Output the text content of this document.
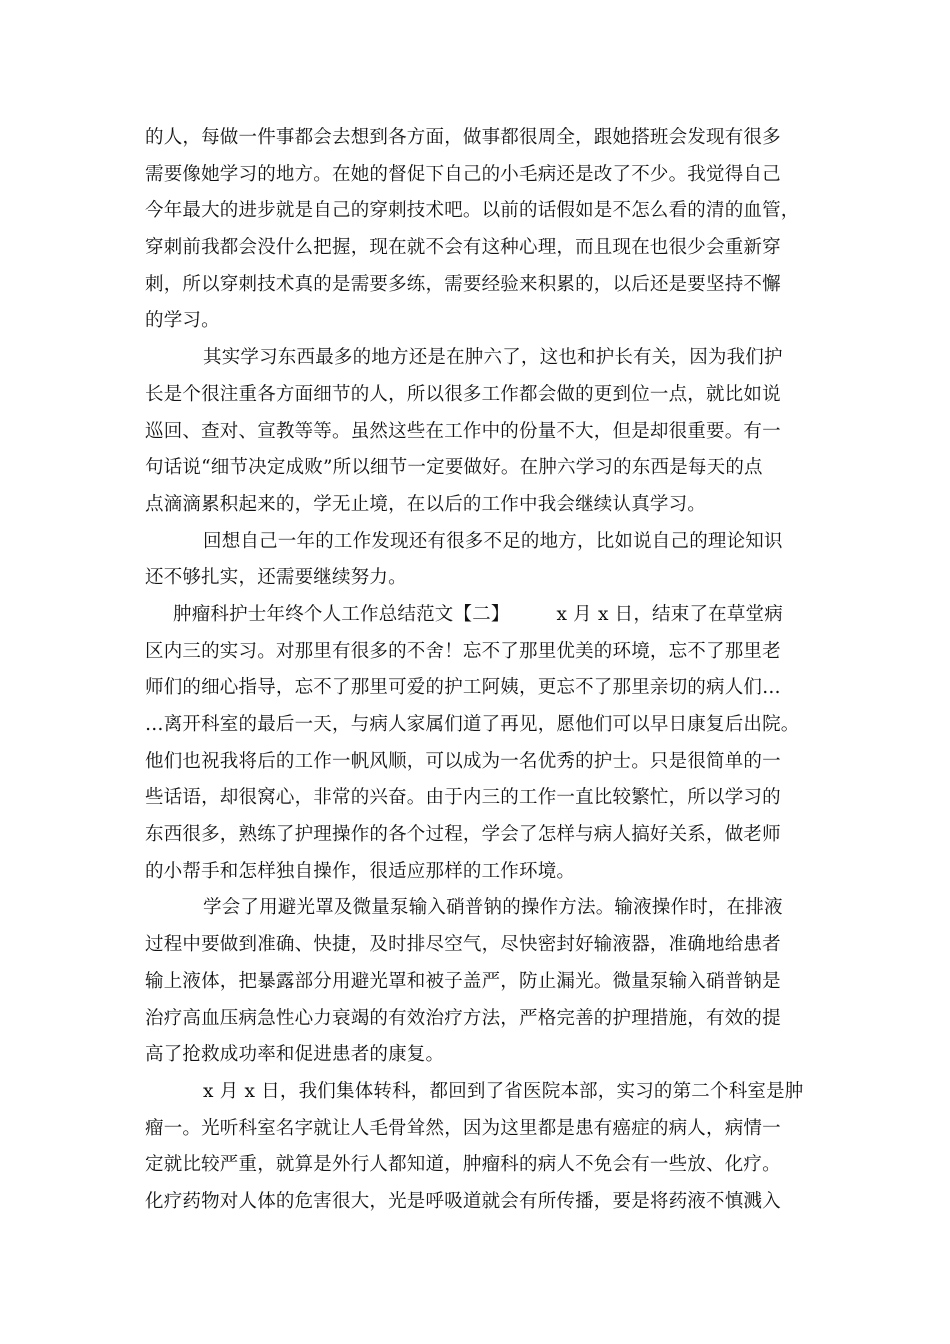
的人，每做一件事都会去想到各方面，做事都很周全，跟她搭班会发现有很多
需要像她学习的地方。在她的督促下自己的小毛病还是改了不少。我觉得自己
今年最大的进步就是自己的穿刺技术吧。以前的话假如是不怎么看的清的血管，
穿刺前我都会没什么把握，现在就不会有这种心理，而且现在也很少会重新穿
刺，所以穿刺技术真的是需要多练，需要经验来积累的，以后还是要坚持不懈
的学习。
其实学习东西最多的地方还是在肿六了，这也和护长有关，因为我们护
长是个很注重各方面细节的人，所以很多工作都会做的更到位一点，就比如说
巡回、查对、宣教等等。虽然这些在工作中的份量不大，但是却很重要。有一
句话说“细节决定成败”所以细节一定要做好。在肿六学习的东西是每天的点
点滴滴累积起来的，学无止境，在以后的工作中我会继续认真学习。
回想自己一年的工作发现还有很多不足的地方，比如说自己的理论知识
还不够扎实，还需要继续努力。
肿瘤科护士年终个人工作总结范文【二】　　　x 月 x 日，结束了在草堂病
区内三的实习。对那里有很多的不舍！忘不了那里优美的环境，忘不了那里老
师们的细心指导，忘不了那里可爱的护工阿姨，更忘不了那里亲切的病人们…
…离开科室的最后一天，与病人家属们道了再见，愿他们可以早日康复后出院。
他们也祝我将后的工作一帆风顺，可以成为一名优秀的护士。只是很简单的一
些话语，却很窝心，非常的兴奋。由于内三的工作一直比较繁忙，所以学习的
东西很多，熟练了护理操作的各个过程，学会了怎样与病人搞好关系，做老师
的小帮手和怎样独自操作，很适应那样的工作环境。
学会了用避光罩及微量泵输入硝普钠的操作方法。输液操作时，在排液
过程中要做到准确、快捷，及时排尽空气，尽快密封好输液器，准确地给患者
输上液体，把暴露部分用避光罩和被子盖严，防止漏光。微量泵输入硝普钠是
治疗高血压病急性心力衰竭的有效治疗方法，严格完善的护理措施，有效的提
高了抢救成功率和促进患者的康复。
x 月 x 日，我们集体转科，都回到了省医院本部，实习的第二个科室是肿
瘤一。光听科室名字就让人毛骨耸然，因为这里都是患有癌症的病人，病情一
定就比较严重，就算是外行人都知道，肿瘤科的病人不免会有一些放、化疗。
化疗药物对人体的危害很大，光是呼吸道就会有所传播，要是将药液不慎溅入
